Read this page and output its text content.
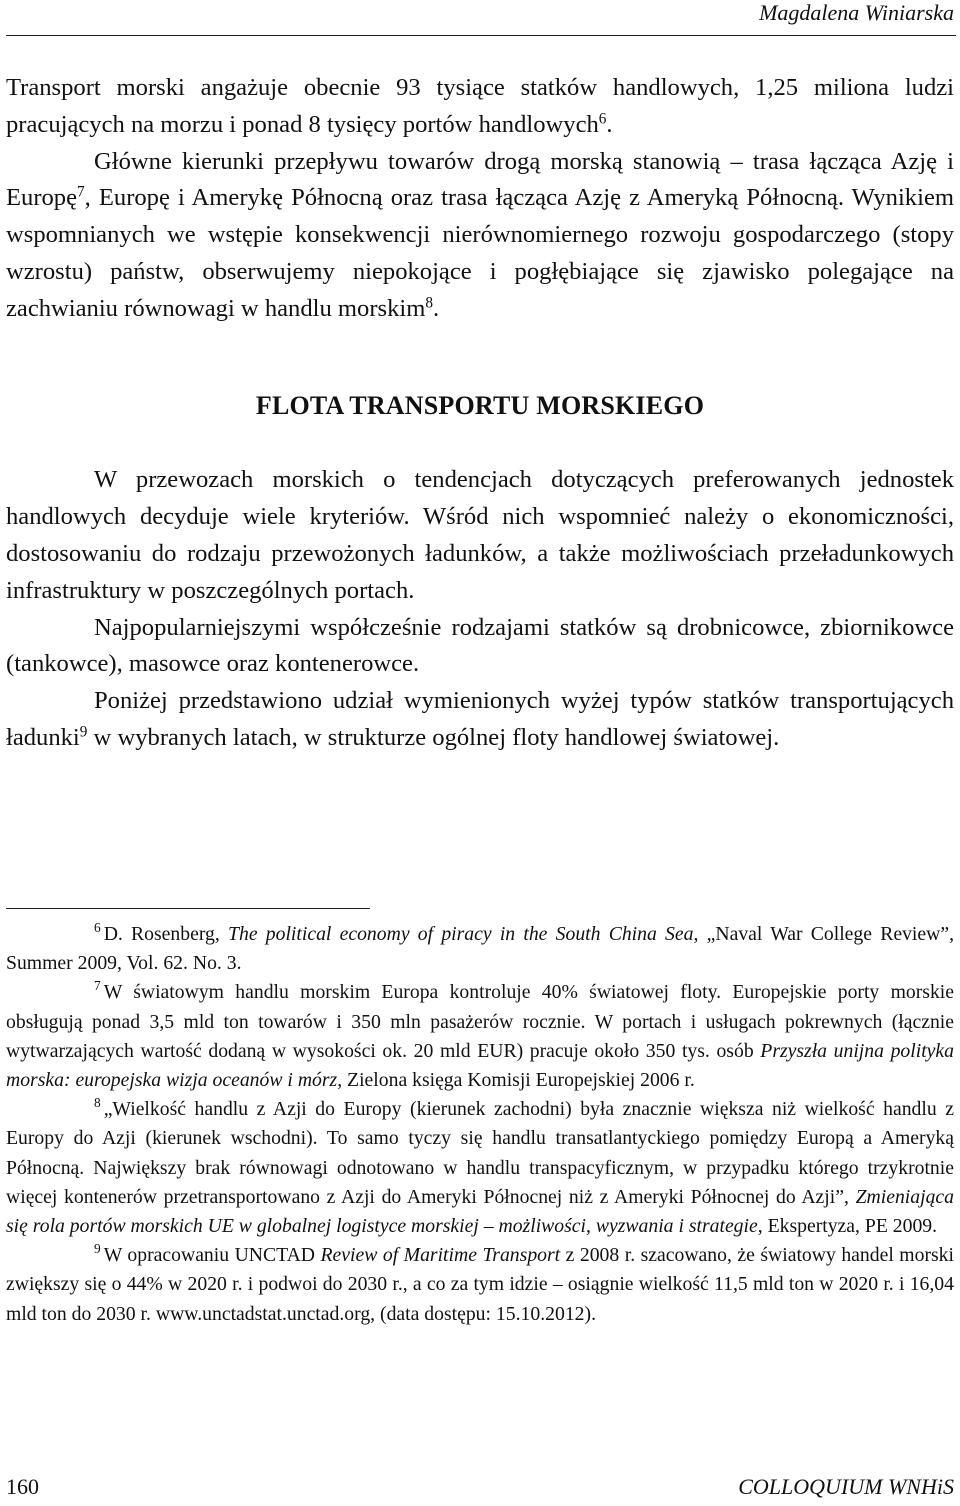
Magdalena Winiarska

Transport morski angażuje obecnie 93 tysiące statków handlowych, 1,25 miliona ludzi pracujących na morzu i ponad 8 tysięcy portów handlowych$^6$.

Główne kierunki przepływu towarów drogą morską stanowią – trasa łącząca Azję i Europę$^7$, Europę i Amerykę Północną oraz trasa łącząca Azję z Ameryką Północną. Wynikiem wspomnianych we wstępie konsekwencji nierównomiernego rozwoju gospodarczego (stopy wzrostu) państw, obserwujemy niepokojące i pogłębiające się zjawisko polegające na zachwianiu równowagi w handlu morskim$^8$.

FLOTA TRANSPORTU MORSKIEGO

W przewozach morskich o tendencjach dotyczących preferowanych jednostek handlowych decyduje wiele kryteriów. Wśród nich wspomnieć należy o ekonomiczności, dostosowaniu do rodzaju przewożonych ładunków, a także możliwościach przeładunkowych infrastruktury w poszczególnych portach.

Najpopularniejszymi współcześnie rodzajami statków są drobnicowce, zbiornikowce (tankowce), masowce oraz kontenerowce.

Poniżej przedstawiono udział wymienionych wyżej typów statków transportujących ładunki$^9$ w wybranych latach, w strukturze ogólnej floty handlowej światowej.

$^6$ D. Rosenberg, The political economy of piracy in the South China Sea, „Naval War College Review”, Summer 2009, Vol. 62. No. 3.

$^7$ W światowym handlu morskim Europa kontroluje 40% światowej floty. Europejskie porty morskie obsługują ponad 3,5 mld ton towarów i 350 mln pasażerów rocznie. W portach i usługach pokrewnych (łącznie wytwarzających wartość dodaną w wysokości ok. 20 mld EUR) pracuje około 350 tys. osób Przyszła unijna polityka morska: europejska wizja oceanów i mórz, Zielona księga Komisji Europejskiej 2006 r.

$^8$ „Wielkość handlu z Azji do Europy (kierunek zachodni) była znacznie większa niż wielkość handlu z Europy do Azji (kierunek wschodni). To samo tyczy się handlu transatlantyckiego pomiędzy Europą a Ameryką Północną. Największy brak równowagi odnotowano w handlu transpacyficznym, w przypadku którego trzykrotnie więcej kontenerów przetransportowano z Azji do Ameryki Północnej niż z Ameryki Północnej do Azji”, Zmieniająca się rola portów morskich UE w globalnej logistyce morskiej – możliwości, wyzwania i strategie, Ekspertyza, PE 2009.

$^9$ W opracowaniu UNCTAD Review of Maritime Transport z 2008 r. szacowano, że światowy handel morski zwiększy się o 44% w 2020 r. i podwoi do 2030 r., a co za tym idzie – osiągnie wielkość 11,5 mld ton w 2020 r. i 16,04 mld ton do 2030 r. www.unctadstat.unctad.org, (data dostępu: 15.10.2012).

160	COLLOQUIUM WNHiS
